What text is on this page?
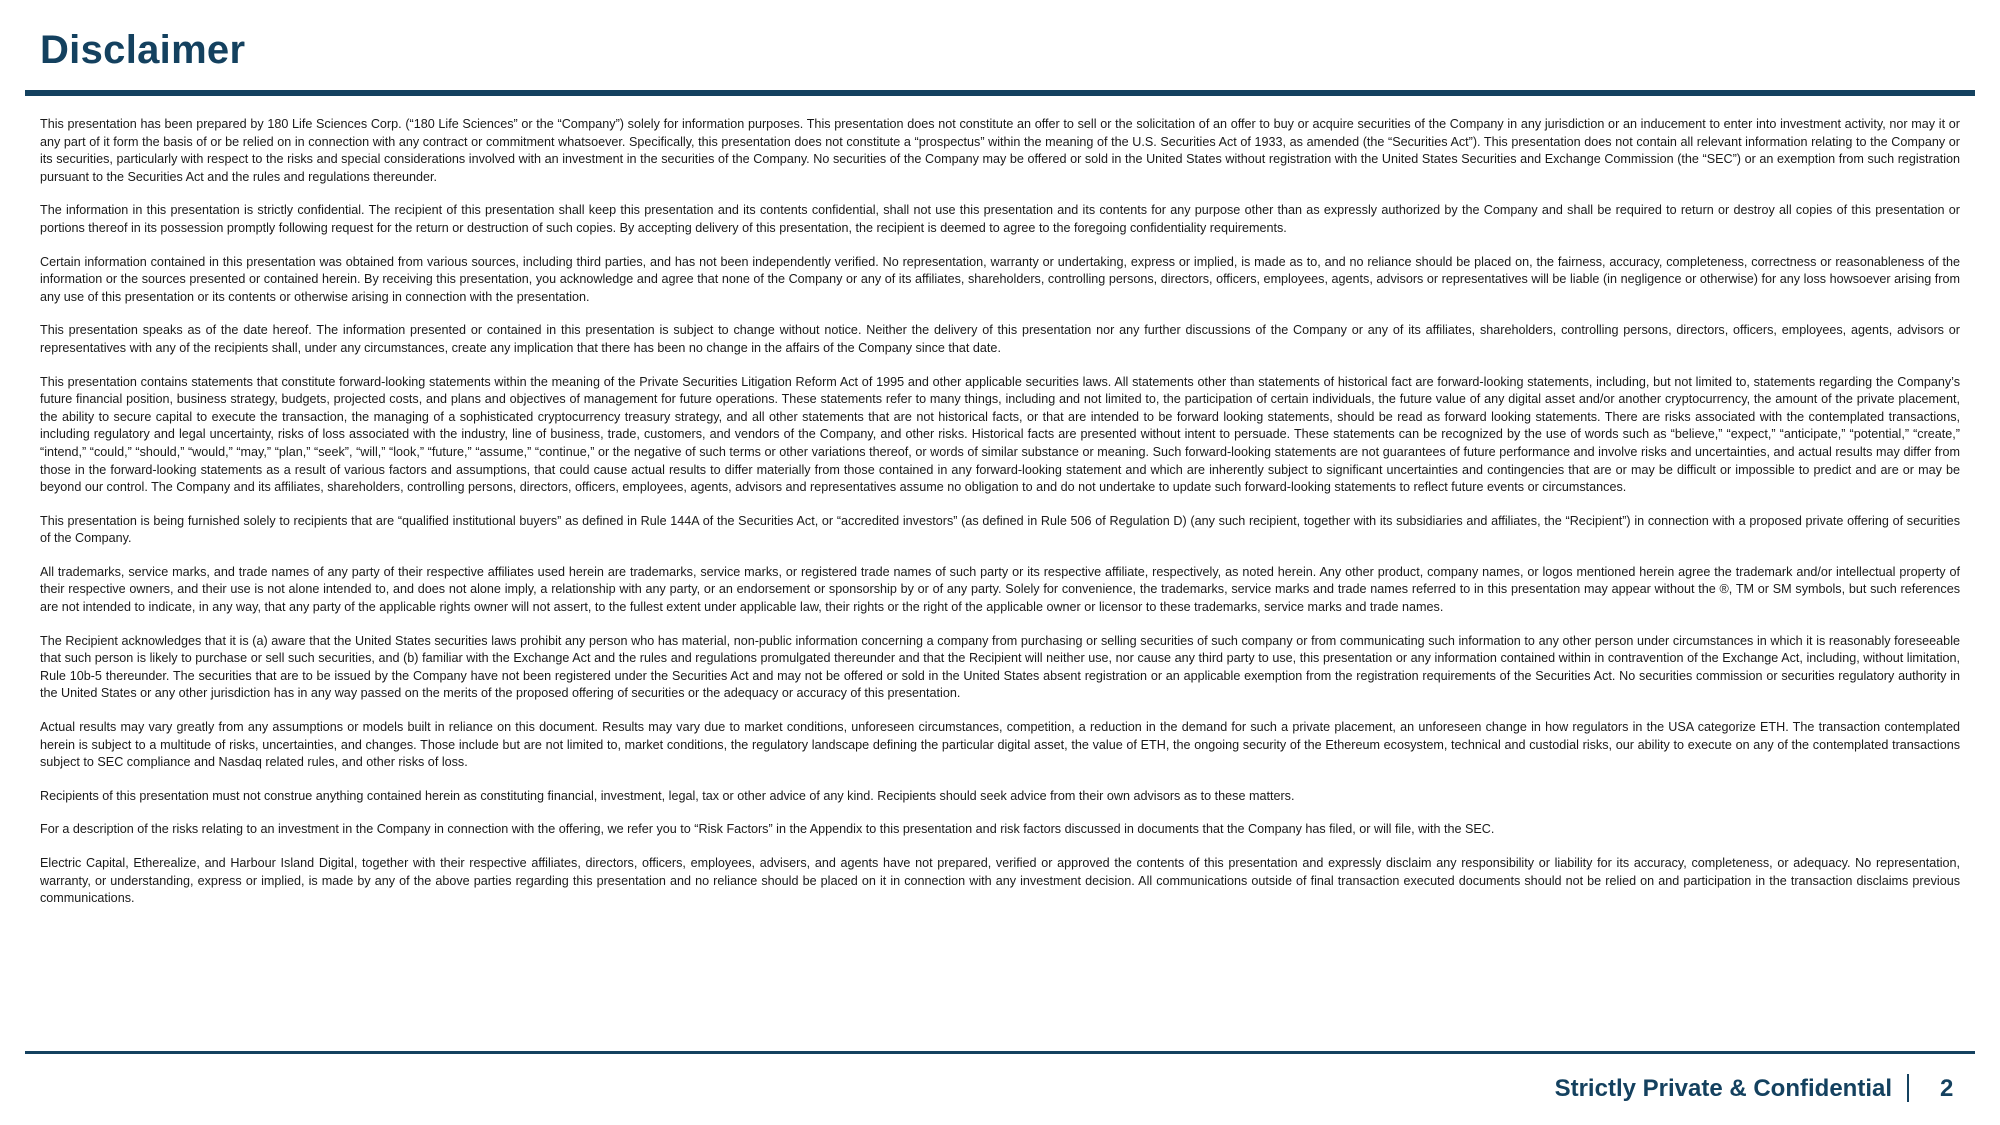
Disclaimer

This presentation has been prepared by 180 Life Sciences Corp. (“180 Life Sciences” or the “Company”) solely for information purposes. This presentation does not constitute an offer to sell or the solicitation of an offer to buy or acquire securities of the Company in any jurisdiction or an inducement to enter into investment activity, nor may it or any part of it form the basis of or be relied on in connection with any contract or commitment whatsoever. Specifically, this presentation does not constitute a “prospectus” within the meaning of the U.S. Securities Act of 1933, as amended (the “Securities Act”). This presentation does not contain all relevant information relating to the Company or its securities, particularly with respect to the risks and special considerations involved with an investment in the securities of the Company. No securities of the Company may be offered or sold in the United States without registration with the United States Securities and Exchange Commission (the “SEC”) or an exemption from such registration pursuant to the Securities Act and the rules and regulations thereunder.

The information in this presentation is strictly confidential. The recipient of this presentation shall keep this presentation and its contents confidential, shall not use this presentation and its contents for any purpose other than as expressly authorized by the Company and shall be required to return or destroy all copies of this presentation or portions thereof in its possession promptly following request for the return or destruction of such copies. By accepting delivery of this presentation, the recipient is deemed to agree to the foregoing confidentiality requirements.

Certain information contained in this presentation was obtained from various sources, including third parties, and has not been independently verified. No representation, warranty or undertaking, express or implied, is made as to, and no reliance should be placed on, the fairness, accuracy, completeness, correctness or reasonableness of the information or the sources presented or contained herein. By receiving this presentation, you acknowledge and agree that none of the Company or any of its affiliates, shareholders, controlling persons, directors, officers, employees, agents, advisors or representatives will be liable (in negligence or otherwise) for any loss howsoever arising from any use of this presentation or its contents or otherwise arising in connection with the presentation.

This presentation speaks as of the date hereof. The information presented or contained in this presentation is subject to change without notice. Neither the delivery of this presentation nor any further discussions of the Company or any of its affiliates, shareholders, controlling persons, directors, officers, employees, agents, advisors or representatives with any of the recipients shall, under any circumstances, create any implication that there has been no change in the affairs of the Company since that date.

This presentation contains statements that constitute forward-looking statements within the meaning of the Private Securities Litigation Reform Act of 1995 and other applicable securities laws. All statements other than statements of historical fact are forward-looking statements, including, but not limited to, statements regarding the Company’s future financial position, business strategy, budgets, projected costs, and plans and objectives of management for future operations. These statements refer to many things, including and not limited to, the participation of certain individuals, the future value of any digital asset and/or another cryptocurrency, the amount of the private placement, the ability to secure capital to execute the transaction, the managing of a sophisticated cryptocurrency treasury strategy, and all other statements that are not historical facts, or that are intended to be forward looking statements, should be read as forward looking statements. There are risks associated with the contemplated transactions, including regulatory and legal uncertainty, risks of loss associated with the industry, line of business, trade, customers, and vendors of the Company, and other risks. Historical facts are presented without intent to persuade. These statements can be recognized by the use of words such as “believe,” “expect,” “anticipate,” “potential,” “create,” “intend,” “could,” “should,” “would,” “may,” “plan,” “seek”, “will,” “look,” “future,” “assume,” “continue,” or the negative of such terms or other variations thereof, or words of similar substance or meaning. Such forward-looking statements are not guarantees of future performance and involve risks and uncertainties, and actual results may differ from those in the forward-looking statements as a result of various factors and assumptions, that could cause actual results to differ materially from those contained in any forward-looking statement and which are inherently subject to significant uncertainties and contingencies that are or may be difficult or impossible to predict and are or may be beyond our control. The Company and its affiliates, shareholders, controlling persons, directors, officers, employees, agents, advisors and representatives assume no obligation to and do not undertake to update such forward-looking statements to reflect future events or circumstances.

This presentation is being furnished solely to recipients that are “qualified institutional buyers” as defined in Rule 144A of the Securities Act, or “accredited investors” (as defined in Rule 506 of Regulation D) (any such recipient, together with its subsidiaries and affiliates, the “Recipient”) in connection with a proposed private offering of securities of the Company.

All trademarks, service marks, and trade names of any party of their respective affiliates used herein are trademarks, service marks, or registered trade names of such party or its respective affiliate, respectively, as noted herein. Any other product, company names, or logos mentioned herein agree the trademark and/or intellectual property of their respective owners, and their use is not alone intended to, and does not alone imply, a relationship with any party, or an endorsement or sponsorship by or of any party. Solely for convenience, the trademarks, service marks and trade names referred to in this presentation may appear without the ®, TM or SM symbols, but such references are not intended to indicate, in any way, that any party of the applicable rights owner will not assert, to the fullest extent under applicable law, their rights or the right of the applicable owner or licensor to these trademarks, service marks and trade names.

The Recipient acknowledges that it is (a) aware that the United States securities laws prohibit any person who has material, non-public information concerning a company from purchasing or selling securities of such company or from communicating such information to any other person under circumstances in which it is reasonably foreseeable that such person is likely to purchase or sell such securities, and (b) familiar with the Exchange Act and the rules and regulations promulgated thereunder and that the Recipient will neither use, nor cause any third party to use, this presentation or any information contained within in contravention of the Exchange Act, including, without limitation, Rule 10b-5 thereunder. The securities that are to be issued by the Company have not been registered under the Securities Act and may not be offered or sold in the United States absent registration or an applicable exemption from the registration requirements of the Securities Act. No securities commission or securities regulatory authority in the United States or any other jurisdiction has in any way passed on the merits of the proposed offering of securities or the adequacy or accuracy of this presentation.

Actual results may vary greatly from any assumptions or models built in reliance on this document. Results may vary due to market conditions, unforeseen circumstances, competition, a reduction in the demand for such a private placement, an unforeseen change in how regulators in the USA categorize ETH. The transaction contemplated herein is subject to a multitude of risks, uncertainties, and changes. Those include but are not limited to, market conditions, the regulatory landscape defining the particular digital asset, the value of ETH, the ongoing security of the Ethereum ecosystem, technical and custodial risks, our ability to execute on any of the contemplated transactions subject to SEC compliance and Nasdaq related rules, and other risks of loss.

Recipients of this presentation must not construe anything contained herein as constituting financial, investment, legal, tax or other advice of any kind. Recipients should seek advice from their own advisors as to these matters.

For a description of the risks relating to an investment in the Company in connection with the offering, we refer you to “Risk Factors” in the Appendix to this presentation and risk factors discussed in documents that the Company has filed, or will file, with the SEC.

Electric Capital, Etherealize, and Harbour Island Digital, together with their respective affiliates, directors, officers, employees, advisers, and agents have not prepared, verified or approved the contents of this presentation and expressly disclaim any responsibility or liability for its accuracy, completeness, or adequacy. No representation, warranty, or understanding, express or implied, is made by any of the above parties regarding this presentation and no reliance should be placed on it in connection with any investment decision. All communications outside of final transaction executed documents should not be relied on and participation in the transaction disclaims previous communications.

Strictly Private & Confidential 2
